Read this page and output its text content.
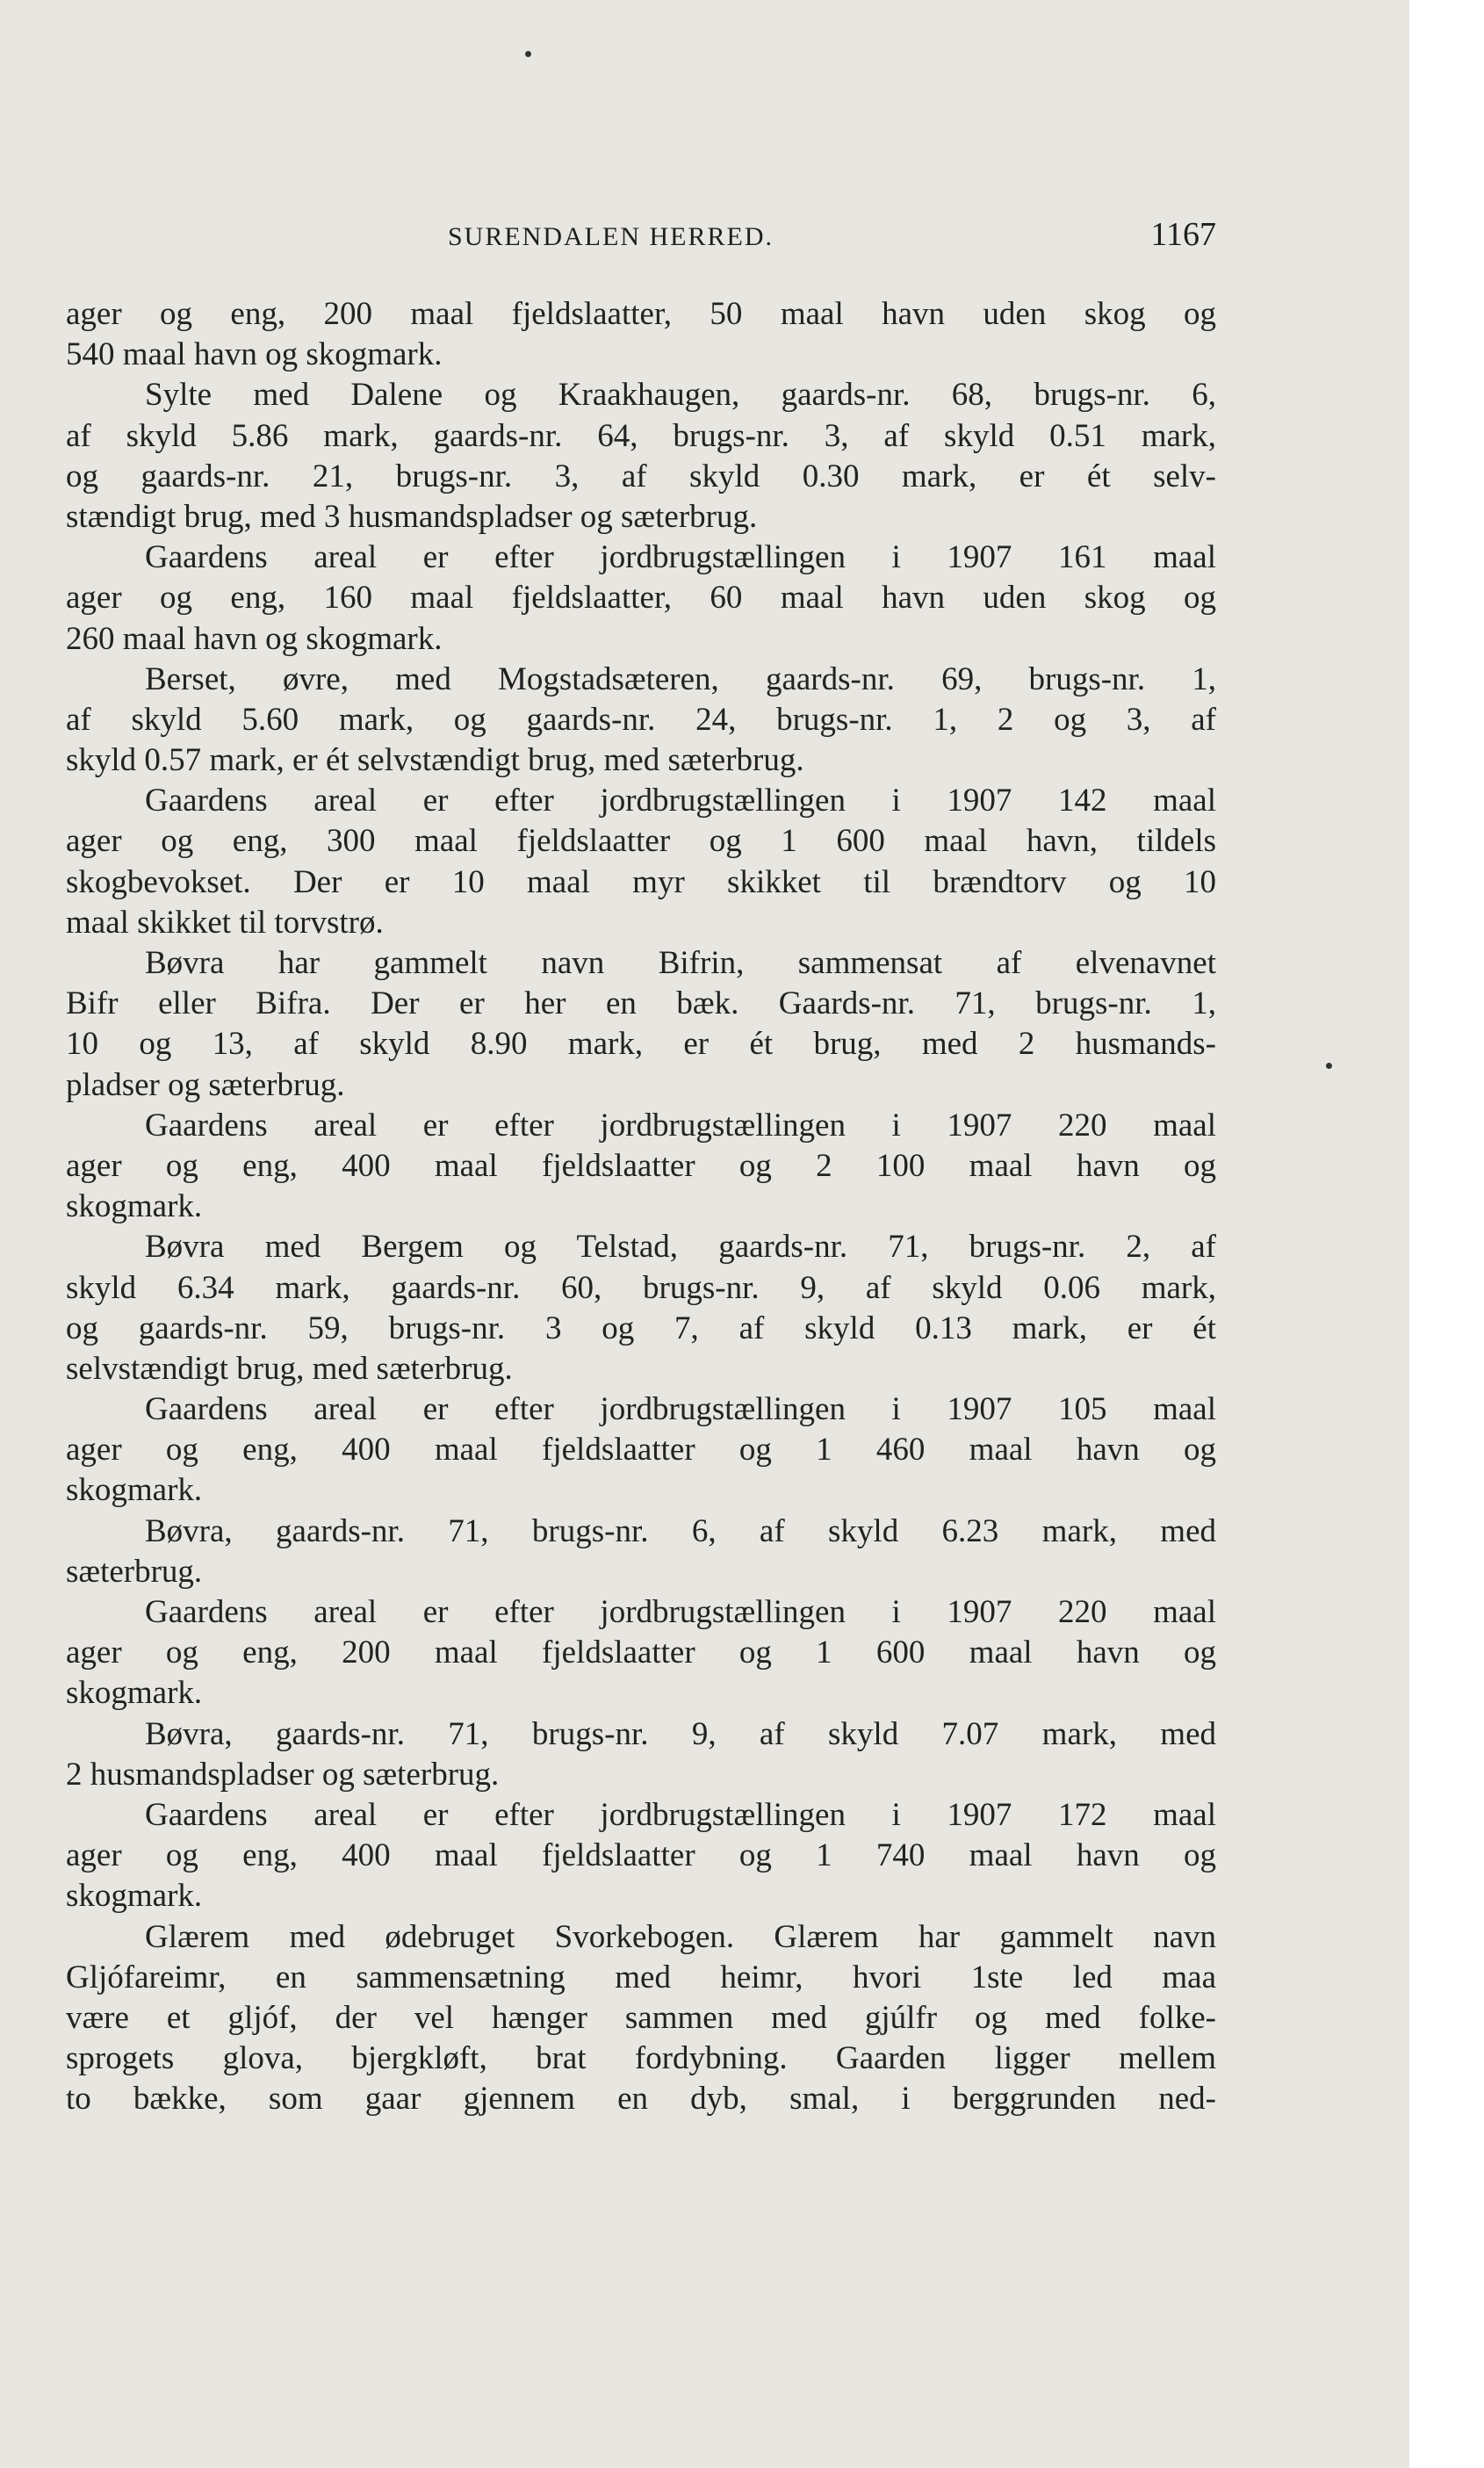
SURENDALEN HERRED.	1167
ager og eng, 200 maal fjeldslaatter, 50 maal havn uden skog og
540 maal havn og skogmark.
Sylte med Dalene og Kraakhaugen, gaards-nr. 68, brugs-nr. 6,
af skyld 5.86 mark, gaards-nr. 64, brugs-nr. 3, af skyld 0.51 mark,
og gaards-nr. 21, brugs-nr. 3, af skyld 0.30 mark, er ét selv-
stændigt brug, med 3 husmandspladser og sæterbrug.
Gaardens areal er efter jordbrugstællingen i 1907 161 maal
ager og eng, 160 maal fjeldslaatter, 60 maal havn uden skog og
260 maal havn og skogmark.
Berset, øvre, med Mogstadsæteren, gaards-nr. 69, brugs-nr. 1,
af skyld 5.60 mark, og gaards-nr. 24, brugs-nr. 1, 2 og 3, af
skyld 0.57 mark, er ét selvstændigt brug, med sæterbrug.
Gaardens areal er efter jordbrugstællingen i 1907 142 maal
ager og eng, 300 maal fjeldslaatter og 1 600 maal havn, tildels
skogbevokset. Der er 10 maal myr skikket til brændtorv og 10
maal skikket til torvstrø.
Bøvra har gammelt navn Bifrin, sammensat af elvenavnet
Bifr eller Bifra. Der er her en bæk. Gaards-nr. 71, brugs-nr. 1,
10 og 13, af skyld 8.90 mark, er ét brug, med 2 husmands-
pladser og sæterbrug.
Gaardens areal er efter jordbrugstællingen i 1907 220 maal
ager og eng, 400 maal fjeldslaatter og 2 100 maal havn og
skogmark.
Bøvra med Bergem og Telstad, gaards-nr. 71, brugs-nr. 2, af
skyld 6.34 mark, gaards-nr. 60, brugs-nr. 9, af skyld 0.06 mark,
og gaards-nr. 59, brugs-nr. 3 og 7, af skyld 0.13 mark, er ét
selvstændigt brug, med sæterbrug.
Gaardens areal er efter jordbrugstællingen i 1907 105 maal
ager og eng, 400 maal fjeldslaatter og 1 460 maal havn og
skogmark.
Bøvra, gaards-nr. 71, brugs-nr. 6, af skyld 6.23 mark, med
sæterbrug.
Gaardens areal er efter jordbrugstællingen i 1907 220 maal
ager og eng, 200 maal fjeldslaatter og 1 600 maal havn og
skogmark.
Bøvra, gaards-nr. 71, brugs-nr. 9, af skyld 7.07 mark, med
2 husmandspladser og sæterbrug.
Gaardens areal er efter jordbrugstællingen i 1907 172 maal
ager og eng, 400 maal fjeldslaatter og 1 740 maal havn og
skogmark.
Glærem med ødebruget Svorkebogen. Glærem har gammelt navn
Gljófareimr, en sammensætning med heimr, hvori 1ste led maa
være et gljóf, der vel hænger sammen med gjúlfr og med folke-
sprogets glova, bjergkløft, brat fordybning. Gaarden ligger mellem
to bække, som gaar gjennem en dyb, smal, i berggrunden ned-
